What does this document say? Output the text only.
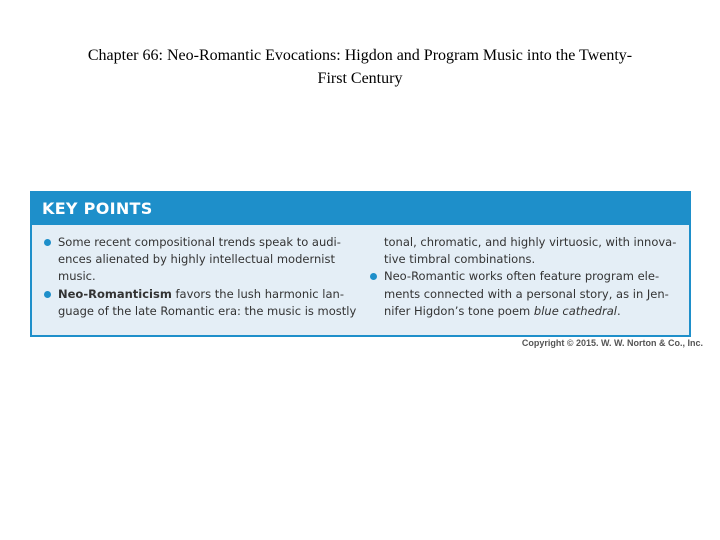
Chapter 66: Neo-Romantic Evocations: Higdon and Program Music into the Twenty-
First Century
KEY POINTS
Some recent compositional trends speak to audi-
ences alienated by highly intellectual modernist
music.
Neo-Romanticism favors the lush harmonic lan-
guage of the late Romantic era: the music is mostly
tonal, chromatic, and highly virtuosic, with innova-
tive timbral combinations.
Neo-Romantic works often feature program ele-
ments connected with a personal story, as in Jen-
nifer Higdon’s tone poem blue cathedral.
Copyright © 2015. W. W. Norton & Co., Inc.
